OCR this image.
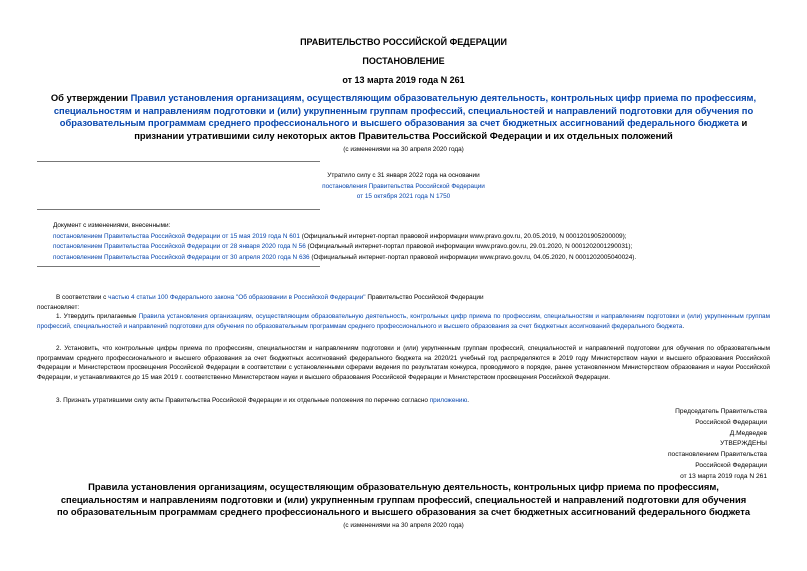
ПРАВИТЕЛЬСТВО РОССИЙСКОЙ ФЕДЕРАЦИИ
ПОСТАНОВЛЕНИЕ
от 13 марта 2019 года N 261
Об утверждении Правил установления организациям, осуществляющим образовательную деятельность, контрольных цифр приема по профессиям, специальностям и направлениям подготовки и (или) укрупненным группам профессий, специальностей и направлений подготовки для обучения по образовательным программам среднего профессионального и высшего образования за счет бюджетных ассигнований федерального бюджета и признании утратившими силу некоторых актов Правительства Российской Федерации и их отдельных положений
(с изменениями на 30 апреля 2020 года)

Утратило силу с 31 января 2022 года на основании

постановления Правительства Российской Федерации

от 15 октября 2021 года N 1750

Документ с изменениями, внесенными:

постановлением Правительства Российской Федерации от 15 мая 2019 года N 601 (Официальный интернет-портал правовой информации www.pravo.gov.ru, 20.05.2019, N 0001201905200009);

постановлением Правительства Российской Федерации от 28 января 2020 года N 56 (Официальный интернет-портал правовой информации www.pravo.gov.ru, 29.01.2020, N 0001202001290031);

постановлением Правительства Российской Федерации от 30 апреля 2020 года N 636 (Официальный интернет-портал правовой информации www.pravo.gov.ru, 04.05.2020, N 0001202005040024).

В соответствии с частью 4 статьи 100 Федерального закона "Об образовании в Российской Федерации" Правительство Российской Федерации

постановляет:

1. Утвердить прилагаемые Правила установления организациям, осуществляющим образовательную деятельность, контрольных цифр приема по профессиям, специальностям и направлениям подготовки и (или) укрупненным группам профессий, специальностей и направлений подготовки для обучения по образовательным программам среднего профессионального и высшего образования за счет бюджетных ассигнований федерального бюджета.

2. Установить, что контрольные цифры приема по профессиям, специальностям и направлениям подготовки и (или) укрупненным группам профессий, специальностей и направлений подготовки для обучения по образовательным программам среднего профессионального и высшего образования за счет бюджетных ассигнований федерального бюджета на 2020/21 учебный год распределяются в 2019 году Министерством науки и высшего образования Российской Федерации и Министерством просвещения Российской Федерации в соответствии с установленными сферами ведения по результатам конкурса, проводимого в порядке, ранее установленном Министерством образования и науки Российской Федерации, и устанавливаются до 15 мая 2019 г. соответственно Министерством науки и высшего образования Российской Федерации и Министерством просвещения Российской Федерации.

3. Признать утратившими силу акты Правительства Российской Федерации и их отдельные положения по перечню согласно приложению.

Председатель Правительства

Российской Федерации

Д.Медведев

УТВЕРЖДЕНЫ

постановлением Правительства

Российской Федерации

от 13 марта 2019 года N 261

Правила установления организациям, осуществляющим образовательную деятельность, контрольных цифр приема по профессиям, специальностям и направлениям подготовки и (или) укрупненным группам профессий, специальностей и направлений подготовки для обучения по образовательным программам среднего профессионального и высшего образования за счет бюджетных ассигнований федерального бюджета
(с изменениями на 30 апреля 2020 года)
